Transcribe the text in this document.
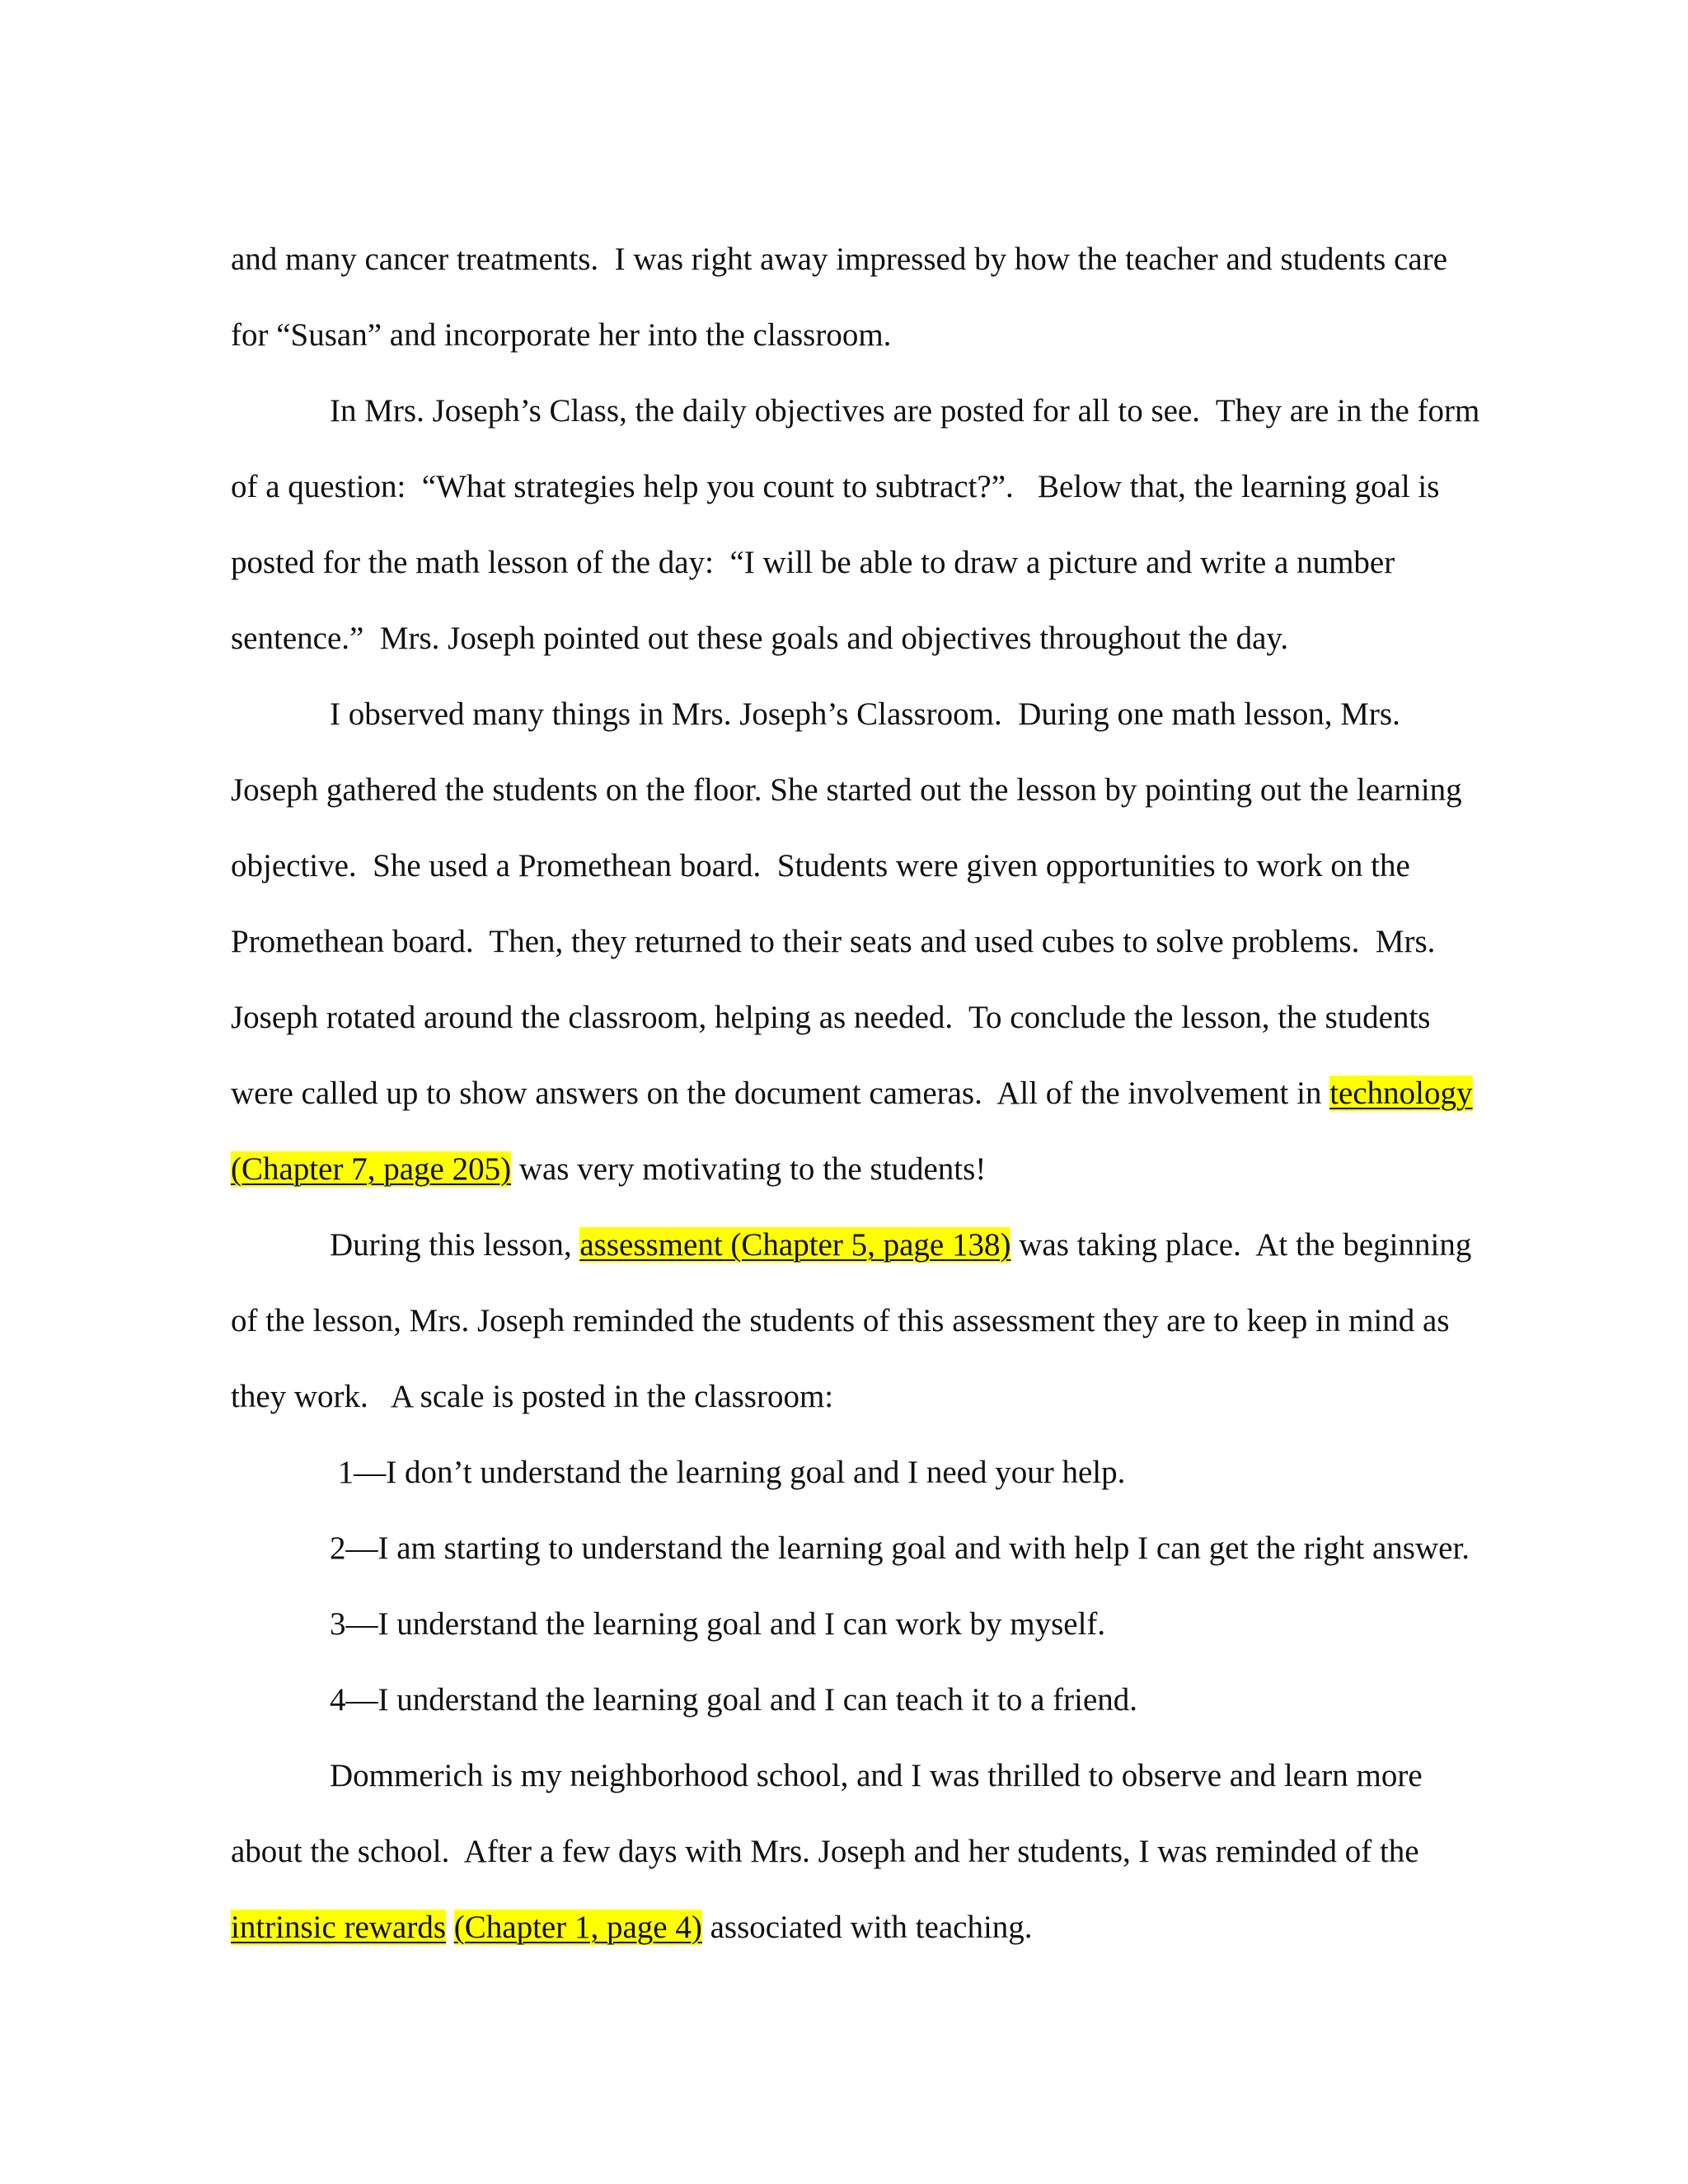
and many cancer treatments.  I was right away impressed by how the teacher and students care

for “Susan” and incorporate her into the classroom.

In Mrs. Joseph’s Class, the daily objectives are posted for all to see.  They are in the form

of a question:  “What strategies help you count to subtract?”.   Below that, the learning goal is

posted for the math lesson of the day:  “I will be able to draw a picture and write a number

sentence.”  Mrs. Joseph pointed out these goals and objectives throughout the day.

I observed many things in Mrs. Joseph’s Classroom.  During one math lesson, Mrs.

Joseph gathered the students on the floor. She started out the lesson by pointing out the learning

objective.  She used a Promethean board.  Students were given opportunities to work on the

Promethean board.  Then, they returned to their seats and used cubes to solve problems.  Mrs.

Joseph rotated around the classroom, helping as needed.  To conclude the lesson, the students

were called up to show answers on the document cameras.  All of the involvement in technology

(Chapter 7, page 205) was very motivating to the students!

During this lesson, assessment (Chapter 5, page 138) was taking place.  At the beginning

of the lesson, Mrs. Joseph reminded the students of this assessment they are to keep in mind as

they work.   A scale is posted in the classroom:

1—I don’t understand the learning goal and I need your help.

2—I am starting to understand the learning goal and with help I can get the right answer.

3—I understand the learning goal and I can work by myself.

4—I understand the learning goal and I can teach it to a friend.

Dommerich is my neighborhood school, and I was thrilled to observe and learn more

about the school.  After a few days with Mrs. Joseph and her students, I was reminded of the

intrinsic rewards (Chapter 1, page 4) associated with teaching.
